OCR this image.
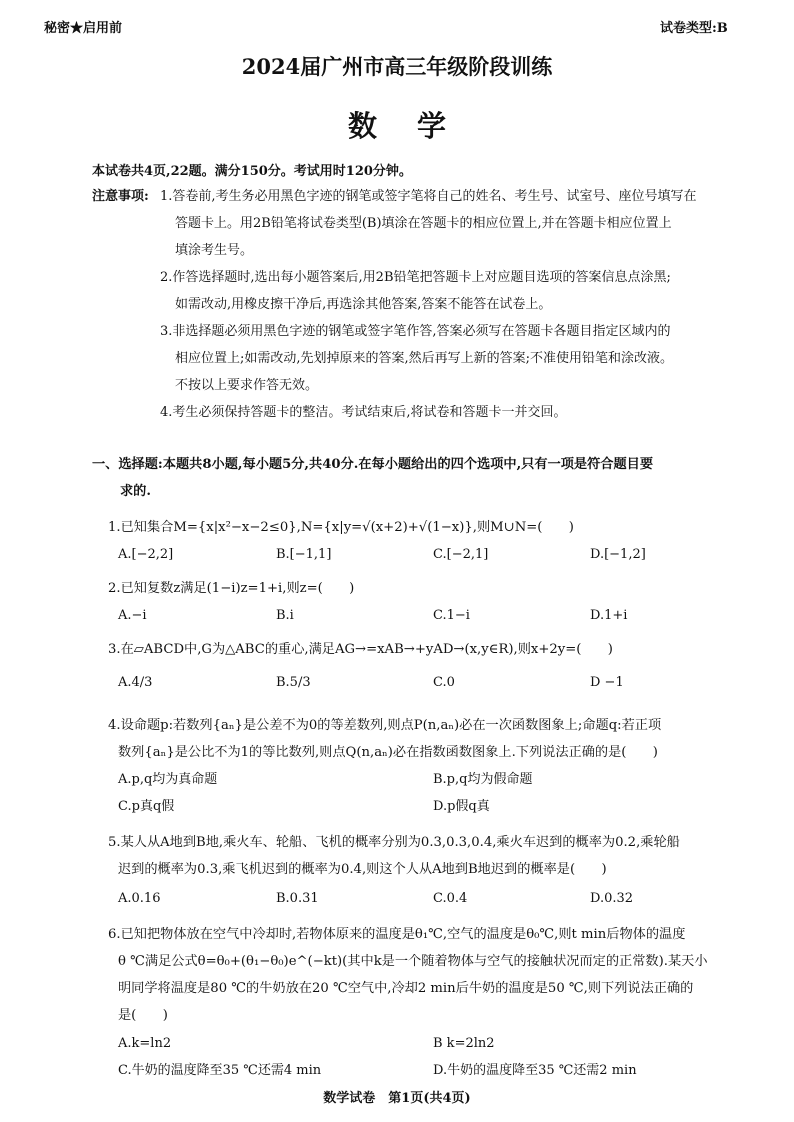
秘密★启用前	试卷类型:B
2024届广州市高三年级阶段训练
数学
本试卷共4页,22题。满分150分。考试用时120分钟。
注意事项: 1.答卷前,考生务必用黑色字迹的钢笔或签字笔将自己的姓名、考生号、试室号、座位号填写在
答题卡上。用2B铅笔将试卷类型(B)填涂在答题卡的相应位置上,并在答题卡相应位置上
填涂考生号。
2.作答选择题时,选出每小题答案后,用2B铅笔把答题卡上对应题目选项的答案信息点涂黑;
如需改动,用橡皮擦干净后,再选涂其他答案,答案不能答在试卷上。
3.非选择题必须用黑色字迹的钢笔或签字笔作答,答案必须写在答题卡各题目指定区域内的
相应位置上;如需改动,先划掉原来的答案,然后再写上新的答案;不准使用铅笔和涂改液。
不按以上要求作答无效。
4.考生必须保持答题卡的整洁。考试结束后,将试卷和答题卡一并交回。
一、选择题:本题共8小题,每小题5分,共40分.在每小题给出的四个选项中,只有一项是符合题目要
求的.
1.已知集合M={x|x²−x−2≤0},N={x|y=√(x+2)+√(1−x)},则M∪N=(　　)
A.[−2,2]	B.[−1,1]	C.[−2,1]	D.[−1,2]
2.已知复数z满足(1−i)z=1+i,则z=(　　)
A.−i	B.i	C.1−i	D.1+i
3.在▱ABCD中,G为△ABC的重心,满足AG→=xAB→+yAD→(x,y∈R),则x+2y=(　　)
A.4/3	B.5/3	C.0	D −1
4.设命题p:若数列{aₙ}是公差不为0的等差数列,则点P(n,aₙ)必在一次函数图象上;命题q:若正项
数列{aₙ}是公比不为1的等比数列,则点Q(n,aₙ)必在指数函数图象上.下列说法正确的是(　　)
A.p,q均为真命题	B.p,q均为假命题
C.p真q假	D.p假q真
5.某人从A地到B地,乘火车、轮船、飞机的概率分别为0.3,0.3,0.4,乘火车迟到的概率为0.2,乘轮船
迟到的概率为0.3,乘飞机迟到的概率为0.4,则这个人从A地到B地迟到的概率是(　　)
A.0.16	B.0.31	C.0.4	D.0.32
6.已知把物体放在空气中冷却时,若物体原来的温度是θ₁℃,空气的温度是θ₀℃,则t min后物体的温度
θ ℃满足公式θ=θ₀+(θ₁−θ₀)e^(−kt)(其中k是一个随着物体与空气的接触状况而定的正常数).某天小
明同学将温度是80 ℃的牛奶放在20 ℃空气中,冷却2 min后牛奶的温度是50 ℃,则下列说法正确的
是(　　)
A.k=ln2	B k=2ln2
C.牛奶的温度降至35 ℃还需4 min	D.牛奶的温度降至35 ℃还需2 min
数学试卷　第1页(共4页)
